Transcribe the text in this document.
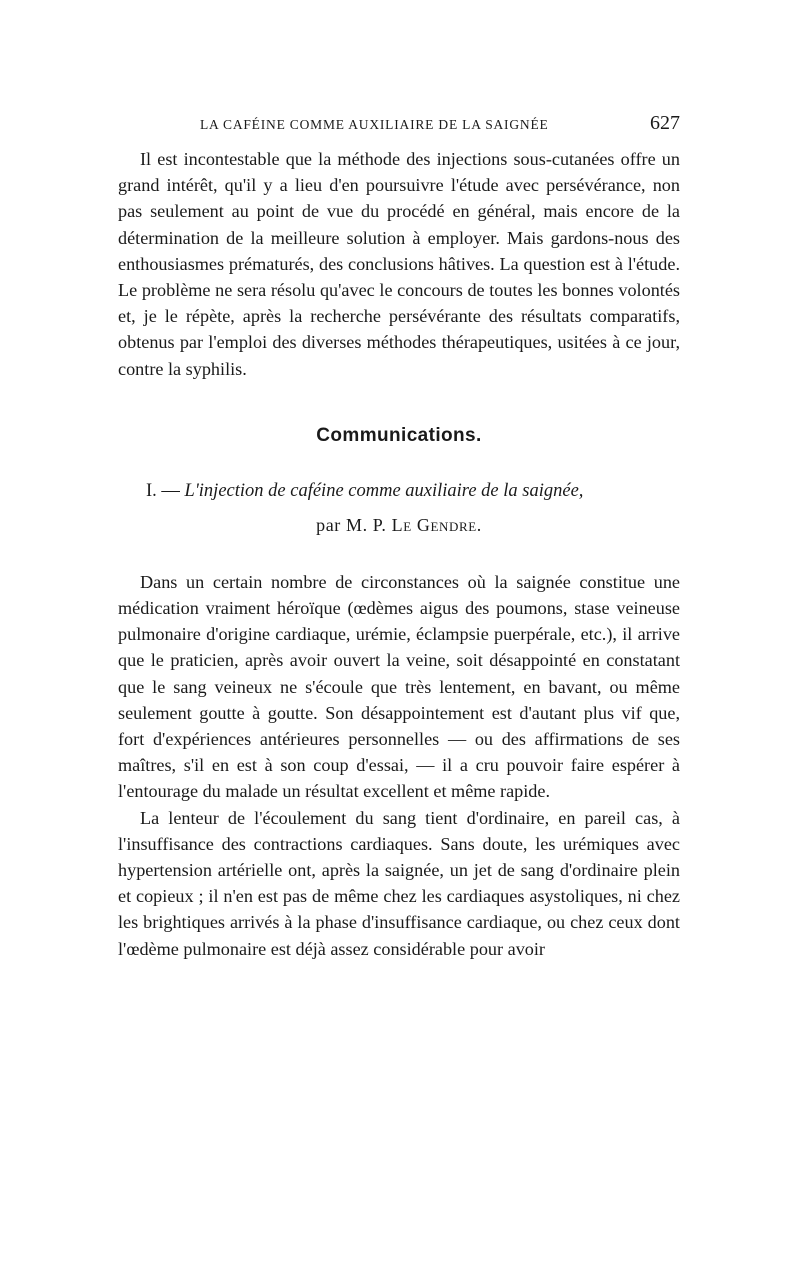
LA CAFÉINE COMME AUXILIAIRE DE LA SAIGNÉE	627

Il est incontestable que la méthode des injections sous-cutanées offre un grand intérêt, qu'il y a lieu d'en poursuivre l'étude avec persévérance, non pas seulement au point de vue du procédé en général, mais encore de la détermination de la meilleure solution à employer. Mais gardons-nous des enthousiasmes prématurés, des conclusions hâtives. La question est à l'étude. Le problème ne sera résolu qu'avec le concours de toutes les bonnes volontés et, je le répète, après la recherche persévérante des résultats comparatifs, obtenus par l'emploi des diverses méthodes thérapeutiques, usitées à ce jour, contre la syphilis.

Communications.
I. — L'injection de caféine comme auxiliaire de la saignée,
par M. P. Le Gendre.

Dans un certain nombre de circonstances où la saignée constitue une médication vraiment héroïque (œdèmes aigus des poumons, stase veineuse pulmonaire d'origine cardiaque, urémie, éclampsie puerpérale, etc.), il arrive que le praticien, après avoir ouvert la veine, soit désappointé en constatant que le sang veineux ne s'écoule que très lentement, en bavant, ou même seulement goutte à goutte. Son désappointement est d'autant plus vif que, fort d'expériences antérieures personnelles — ou des affirmations de ses maîtres, s'il en est à son coup d'essai, — il a cru pouvoir faire espérer à l'entourage du malade un résultat excellent et même rapide.

La lenteur de l'écoulement du sang tient d'ordinaire, en pareil cas, à l'insuffisance des contractions cardiaques. Sans doute, les urémiques avec hypertension artérielle ont, après la saignée, un jet de sang d'ordinaire plein et copieux ; il n'en est pas de même chez les cardiaques asystoliques, ni chez les brightiques arrivés à la phase d'insuffisance cardiaque, ou chez ceux dont l'œdème pulmonaire est déjà assez considérable pour avoir
